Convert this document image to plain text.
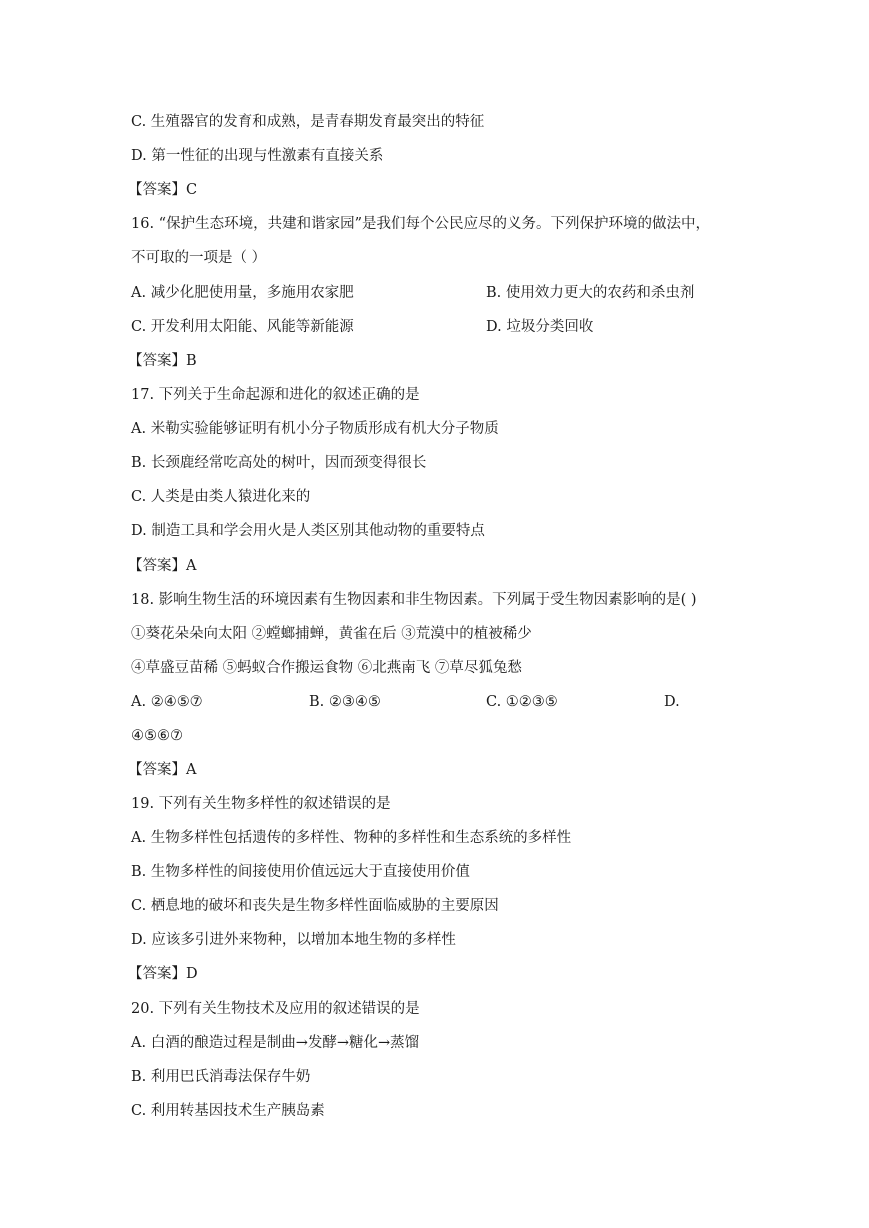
C. 生殖器官的发育和成熟，是青春期发育最突出的特征
D. 第一性征的出现与性激素有直接关系
【答案】C
16. “保护生态环境，共建和谐家园”是我们每个公民应尽的义务。下列保护环境的做法中，
不可取的一项是（ ）
A. 减少化肥使用量，多施用农家肥	B. 使用效力更大的农药和杀虫剂
C. 开发利用太阳能、风能等新能源	D. 垃圾分类回收
【答案】B
17. 下列关于生命起源和进化的叙述正确的是
A. 米勒实验能够证明有机小分子物质形成有机大分子物质
B. 长颈鹿经常吃高处的树叶，因而颈变得很长
C. 人类是由类人猿进化来的
D. 制造工具和学会用火是人类区别其他动物的重要特点
【答案】A
18. 影响生物生活的环境因素有生物因素和非生物因素。下列属于受生物因素影响的是( )
①葵花朵朵向太阳 ②螳螂捕蝉，黄雀在后 ③荒漠中的植被稀少
④草盛豆苗稀 ⑤蚂蚁合作搬运食物 ⑥北燕南飞 ⑦草尽狐兔愁
A. ②④⑤⑦	B. ②③④⑤	C. ①②③⑤	D.
④⑤⑥⑦
【答案】A
19. 下列有关生物多样性的叙述错误的是
A. 生物多样性包括遗传的多样性、物种的多样性和生态系统的多样性
B. 生物多样性的间接使用价值远远大于直接使用价值
C. 栖息地的破坏和丧失是生物多样性面临威胁的主要原因
D. 应该多引进外来物种，以增加本地生物的多样性
【答案】D
20. 下列有关生物技术及应用的叙述错误的是
A. 白酒的酿造过程是制曲→发酵→糖化→蒸馏
B. 利用巴氏消毒法保存牛奶
C. 利用转基因技术生产胰岛素
